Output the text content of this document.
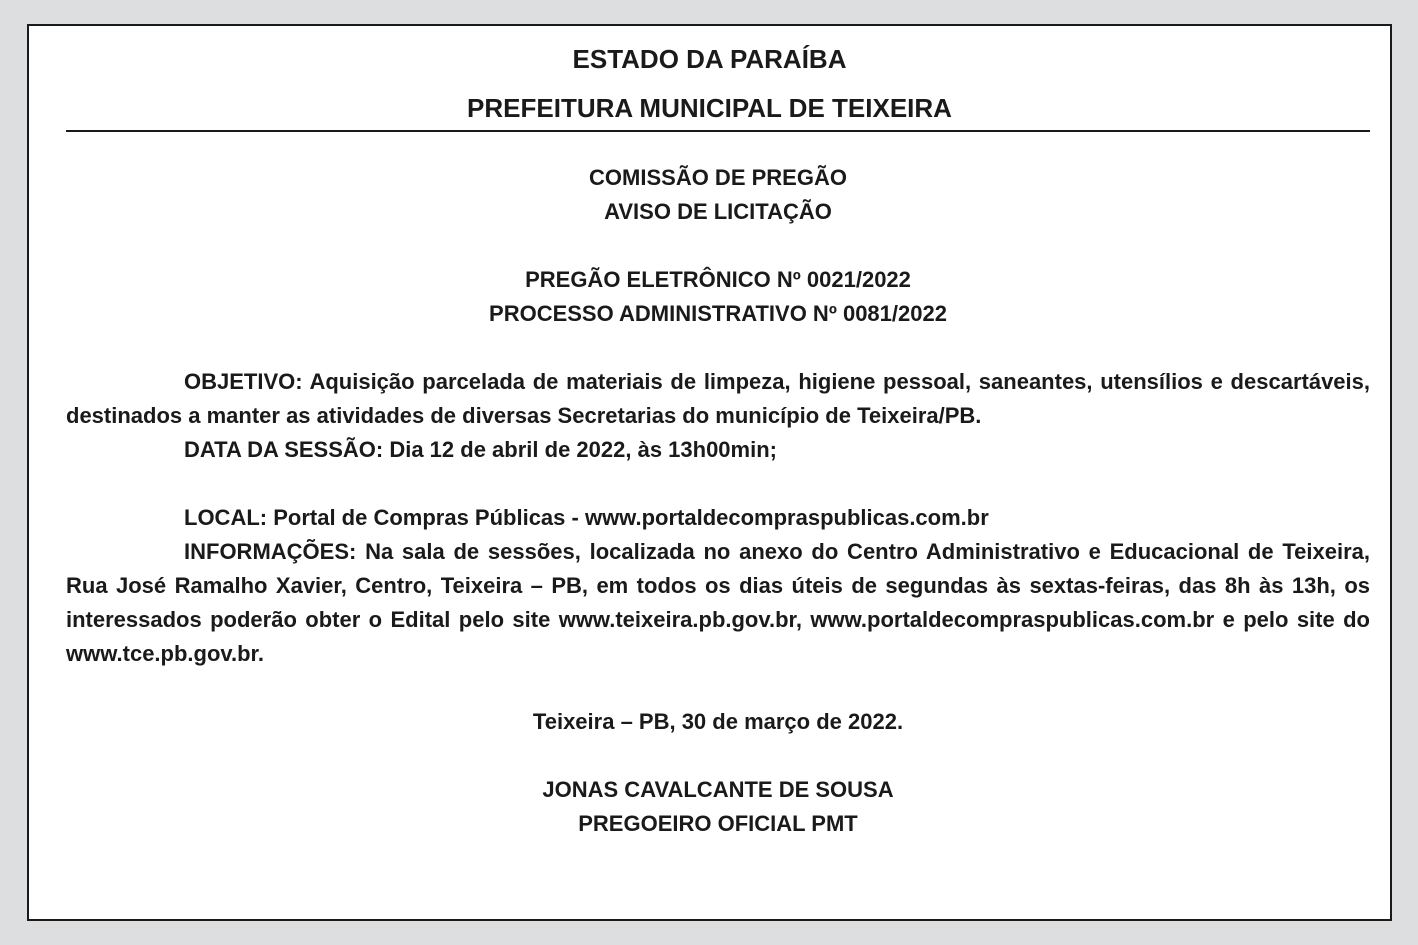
ESTADO DA PARAÍBA
PREFEITURA MUNICIPAL DE TEIXEIRA
COMISSÃO DE PREGÃO
AVISO DE LICITAÇÃO
PREGÃO ELETRÔNICO Nº 0021/2022
PROCESSO ADMINISTRATIVO Nº 0081/2022
OBJETIVO: Aquisição parcelada de materiais de limpeza, higiene pessoal, saneantes, utensílios e descartáveis, destinados a manter as atividades de diversas Secretarias do município de Teixeira/PB.
DATA DA SESSÃO: Dia 12 de abril de 2022, às 13h00min;
LOCAL: Portal de Compras Públicas - www.portaldecompraspublicas.com.br
INFORMAÇÕES: Na sala de sessões, localizada no anexo do Centro Administrativo e Educacional de Teixeira, Rua José Ramalho Xavier, Centro, Teixeira – PB, em todos os dias úteis de segundas às sextas-feiras, das 8h às 13h, os interessados poderão obter o Edital pelo site www.teixeira.pb.gov.br, www.portaldecompraspublicas.com.br e pelo site do www.tce.pb.gov.br.
Teixeira – PB, 30 de março de 2022.
JONAS CAVALCANTE DE SOUSA
PREGOEIRO OFICIAL PMT
